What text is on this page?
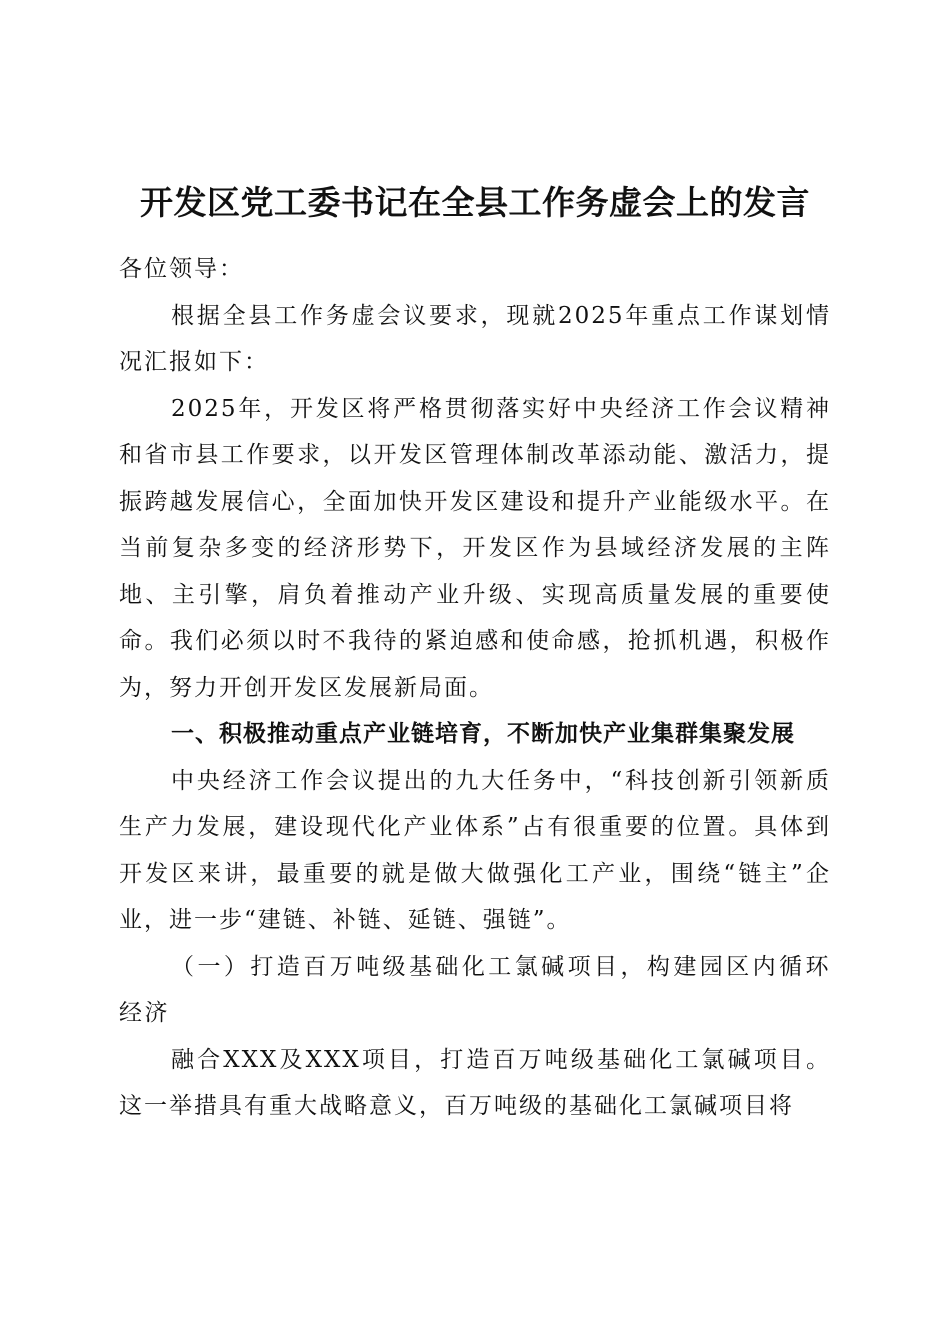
开发区党工委书记在全县工作务虚会上的发言

各位领导：

根据全县工作务虚会议要求，现就2025年重点工作谋划情况汇报如下：

2025年，开发区将严格贯彻落实好中央经济工作会议精神和省市县工作要求，以开发区管理体制改革添动能、激活力，提振跨越发展信心，全面加快开发区建设和提升产业能级水平。在当前复杂多变的经济形势下，开发区作为县域经济发展的主阵地、主引擎，肩负着推动产业升级、实现高质量发展的重要使命。我们必须以时不我待的紧迫感和使命感，抢抓机遇，积极作为，努力开创开发区发展新局面。

一、积极推动重点产业链培育，不断加快产业集群集聚发展

中央经济工作会议提出的九大任务中，“科技创新引领新质生产力发展，建设现代化产业体系”占有很重要的位置。具体到开发区来讲，最重要的就是做大做强化工产业，围绕“链主”企业，进一步“建链、补链、延链、强链”。

（一）打造百万吨级基础化工氯碱项目，构建园区内循环经济

融合XXX及XXX项目，打造百万吨级基础化工氯碱项目。这一举措具有重大战略意义，百万吨级的基础化工氯碱项目将
